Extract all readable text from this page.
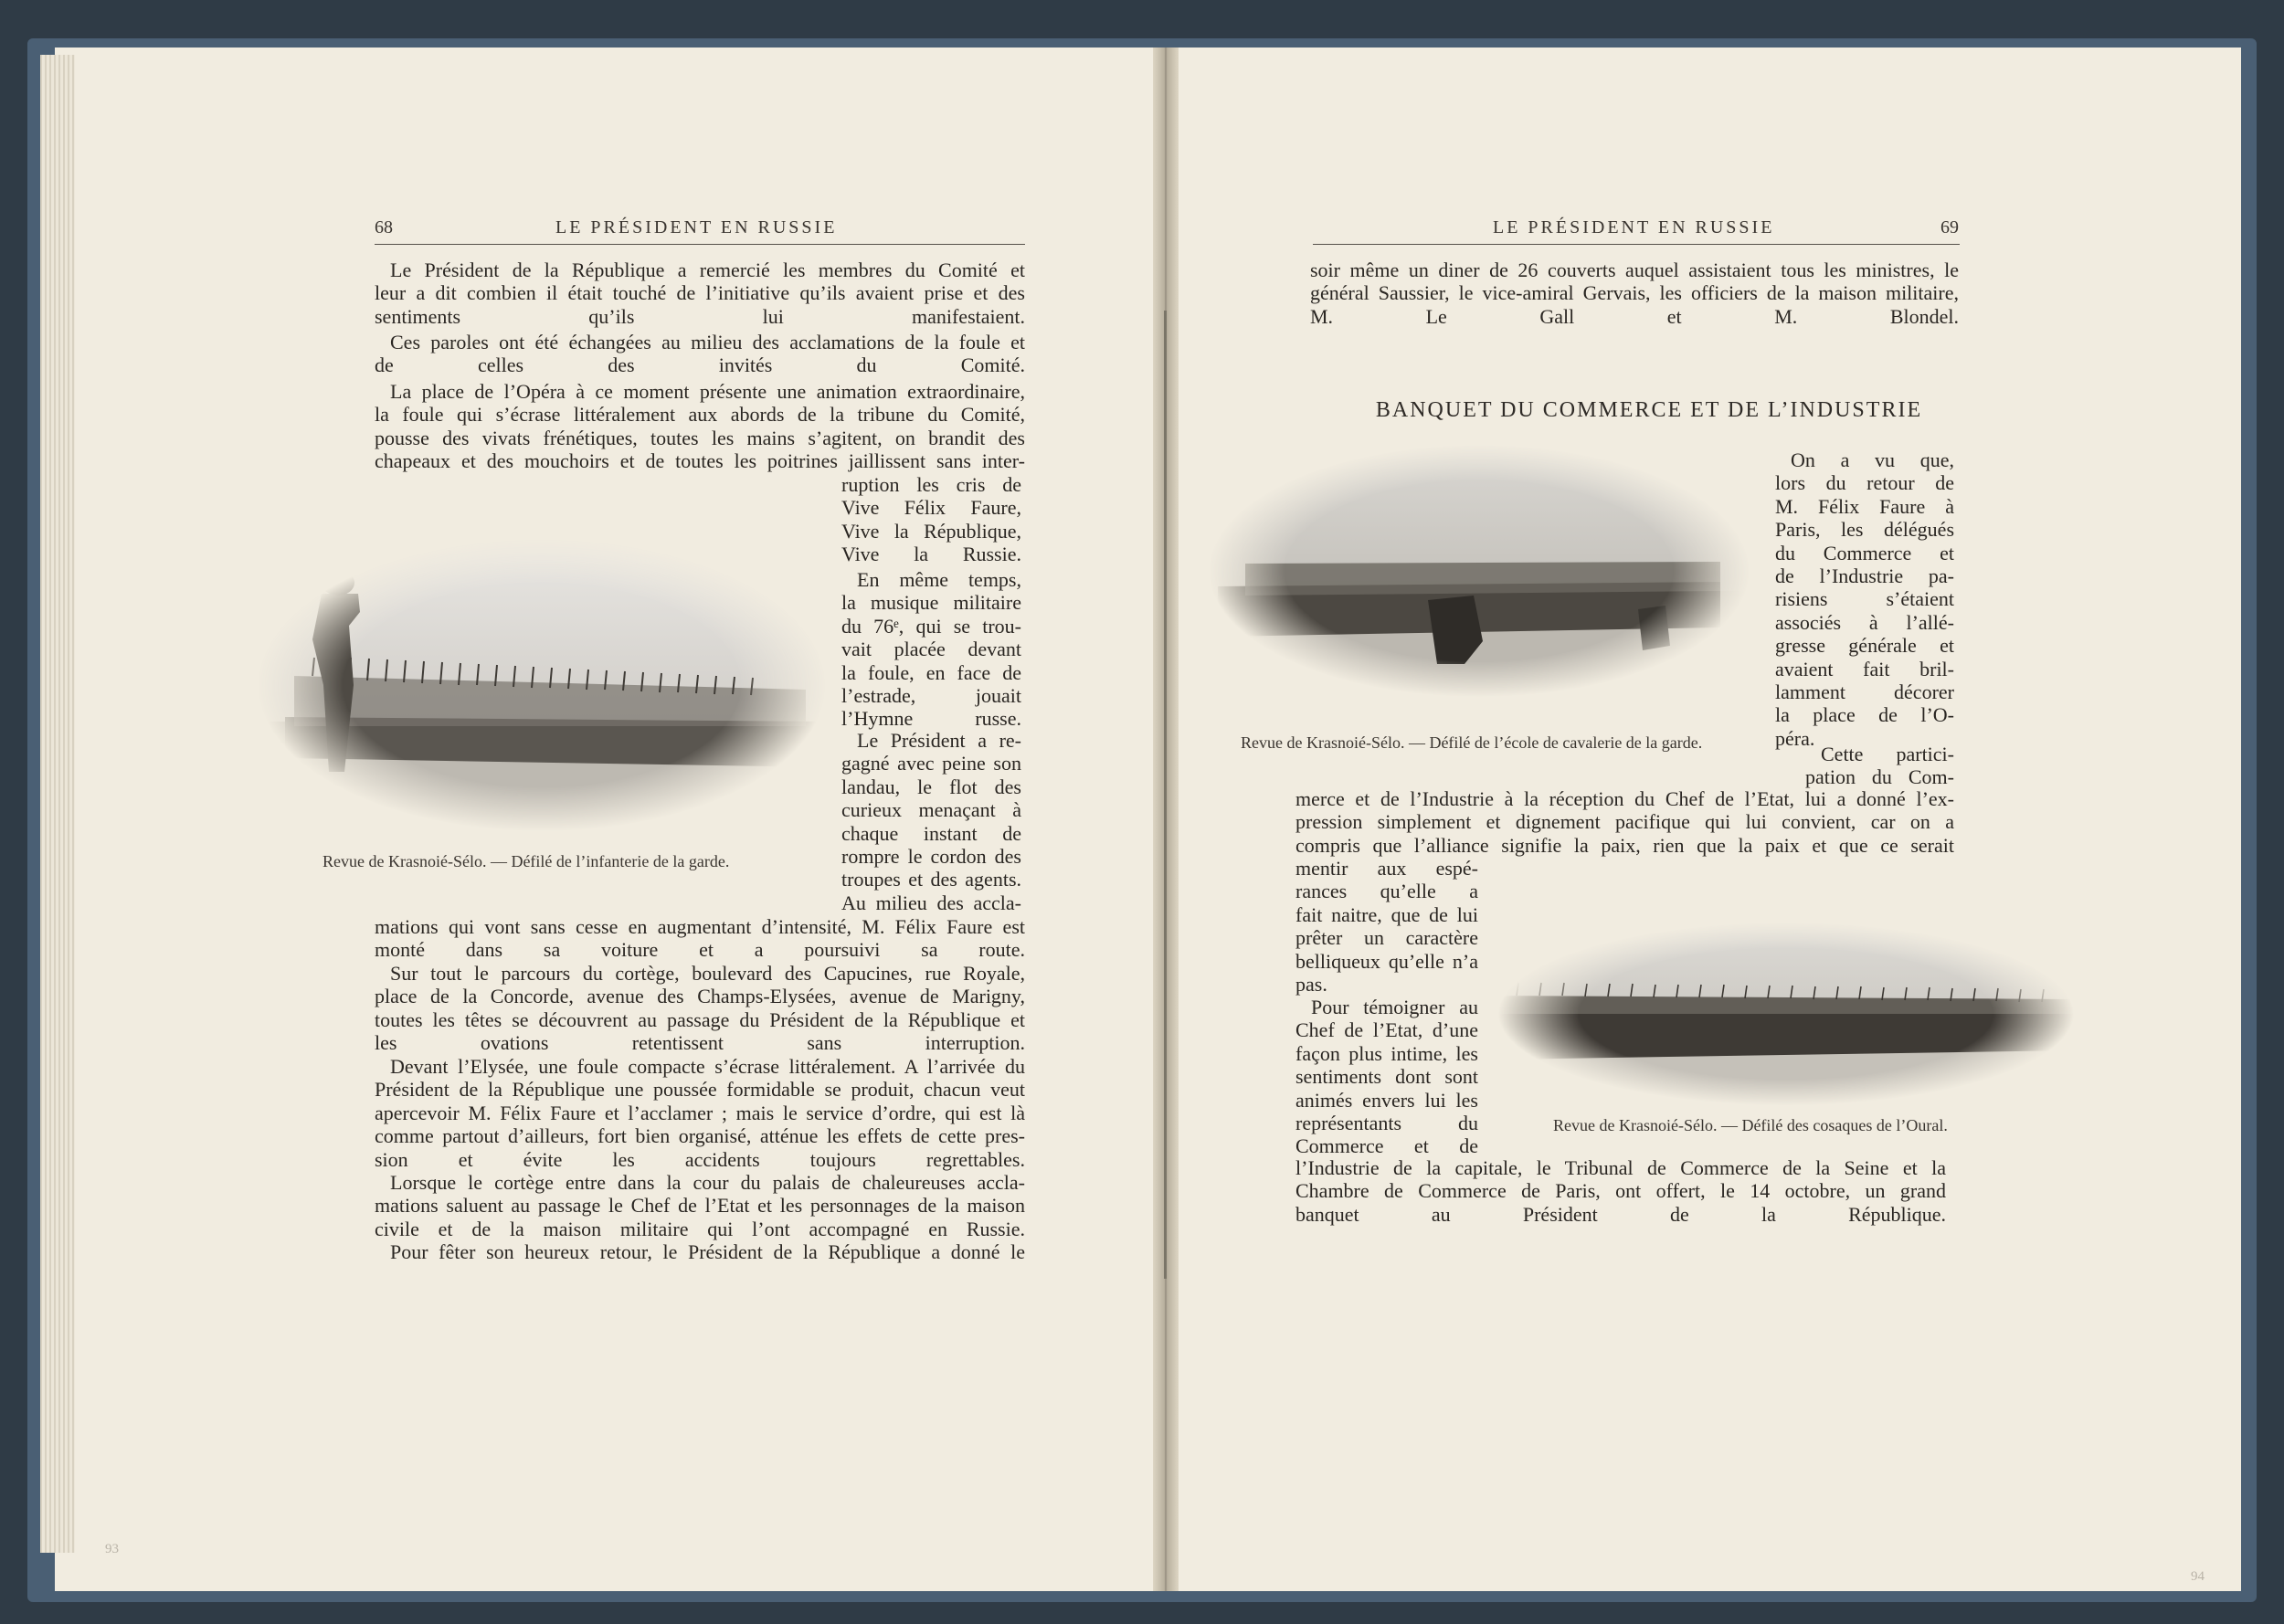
68	LE PRÉSIDENT EN RUSSIE
Le Président de la République a remercié les membres du Comité et
leur a dit combien il était touché de l’initiative qu’ils avaient prise et des
sentiments qu’ils lui manifestaient.
Ces paroles ont été échangées au milieu des acclamations de la foule et
de celles des invités du Comité.
La place de l’Opéra à ce moment présente une animation extraordinaire,
la foule qui s’écrase littéralement aux abords de la tribune du Comité,
pousse des vivats frénétiques, toutes les mains s’agitent, on brandit des
chapeaux et des mouchoirs et de toutes les poitrines jaillissent sans inter-
ruption les cris de
Vive Félix Faure,
Vive la République,
Vive la Russie.
En même temps,
la musique militaire
du 76ᵉ, qui se trou-
vait placée devant
la foule, en face de
l’estrade, jouait
l’Hymne russe.
Le Président a re-
gagné avec peine son
landau, le flot des
curieux menaçant à
chaque instant de
rompre le cordon des
troupes et des agents.
Au milieu des accla-
mations qui vont sans cesse en augmentant d’intensité, M. Félix Faure est
monté dans sa voiture et a poursuivi sa route.
Sur tout le parcours du cortège, boulevard des Capucines, rue Royale,
place de la Concorde, avenue des Champs-Elysées, avenue de Marigny,
toutes les têtes se découvrent au passage du Président de la République et
les ovations retentissent sans interruption.
Devant l’Elysée, une foule compacte s’écrase littéralement. A l’arrivée du
Président de la République une poussée formidable se produit, chacun veut
apercevoir M. Félix Faure et l’acclamer ; mais le service d’ordre, qui est là
comme partout d’ailleurs, fort bien organisé, atténue les effets de cette pres-
sion et évite les accidents toujours regrettables.
Lorsque le cortège entre dans la cour du palais de chaleureuses accla-
mations saluent au passage le Chef de l’Etat et les personnages de la maison
civile et de la maison militaire qui l’ont accompagné en Russie.
Pour fêter son heureux retour, le Président de la République a donné le
Revue de Krasnoié-Sélo. — Défilé de l’infanterie de la garde.
LE PRÉSIDENT EN RUSSIE	69
soir même un diner de 26 couverts auquel assistaient tous les ministres, le
général Saussier, le vice-amiral Gervais, les officiers de la maison militaire,
M. Le Gall et M. Blondel.
BANQUET DU COMMERCE ET DE L’INDUSTRIE
Revue de Krasnoié-Sélo. — Défilé de l’école de cavalerie de la garde.
On a vu que,
lors du retour de
M. Félix Faure à
Paris, les délégués
du Commerce et
de l’Industrie pa-
risiens s’étaient
associés à l’allé-
gresse générale et
avaient fait bril-
lamment décorer
la place de l’O-
péra.
Cette partici-
pation du Com-
merce et de l’Industrie à la réception du Chef de l’Etat, lui a donné l’ex-
pression simplement et dignement pacifique qui lui convient, car on a
compris que l’alliance signifie la paix, rien que la paix et que ce serait
mentir aux espé-
rances qu’elle a
fait naitre, que de lui
prêter un caractère
belliqueux qu’elle n’a
pas.
Pour témoigner au
Chef de l’Etat, d’une
façon plus intime, les
sentiments dont sont
animés envers lui les
représentants du
Commerce et de
l’Industrie de la capitale, le Tribunal de Commerce de la Seine et la
Chambre de Commerce de Paris, ont offert, le 14 octobre, un grand
banquet au Président de la République.
Revue de Krasnoié-Sélo. — Défilé des cosaques de l’Oural.
93
94
